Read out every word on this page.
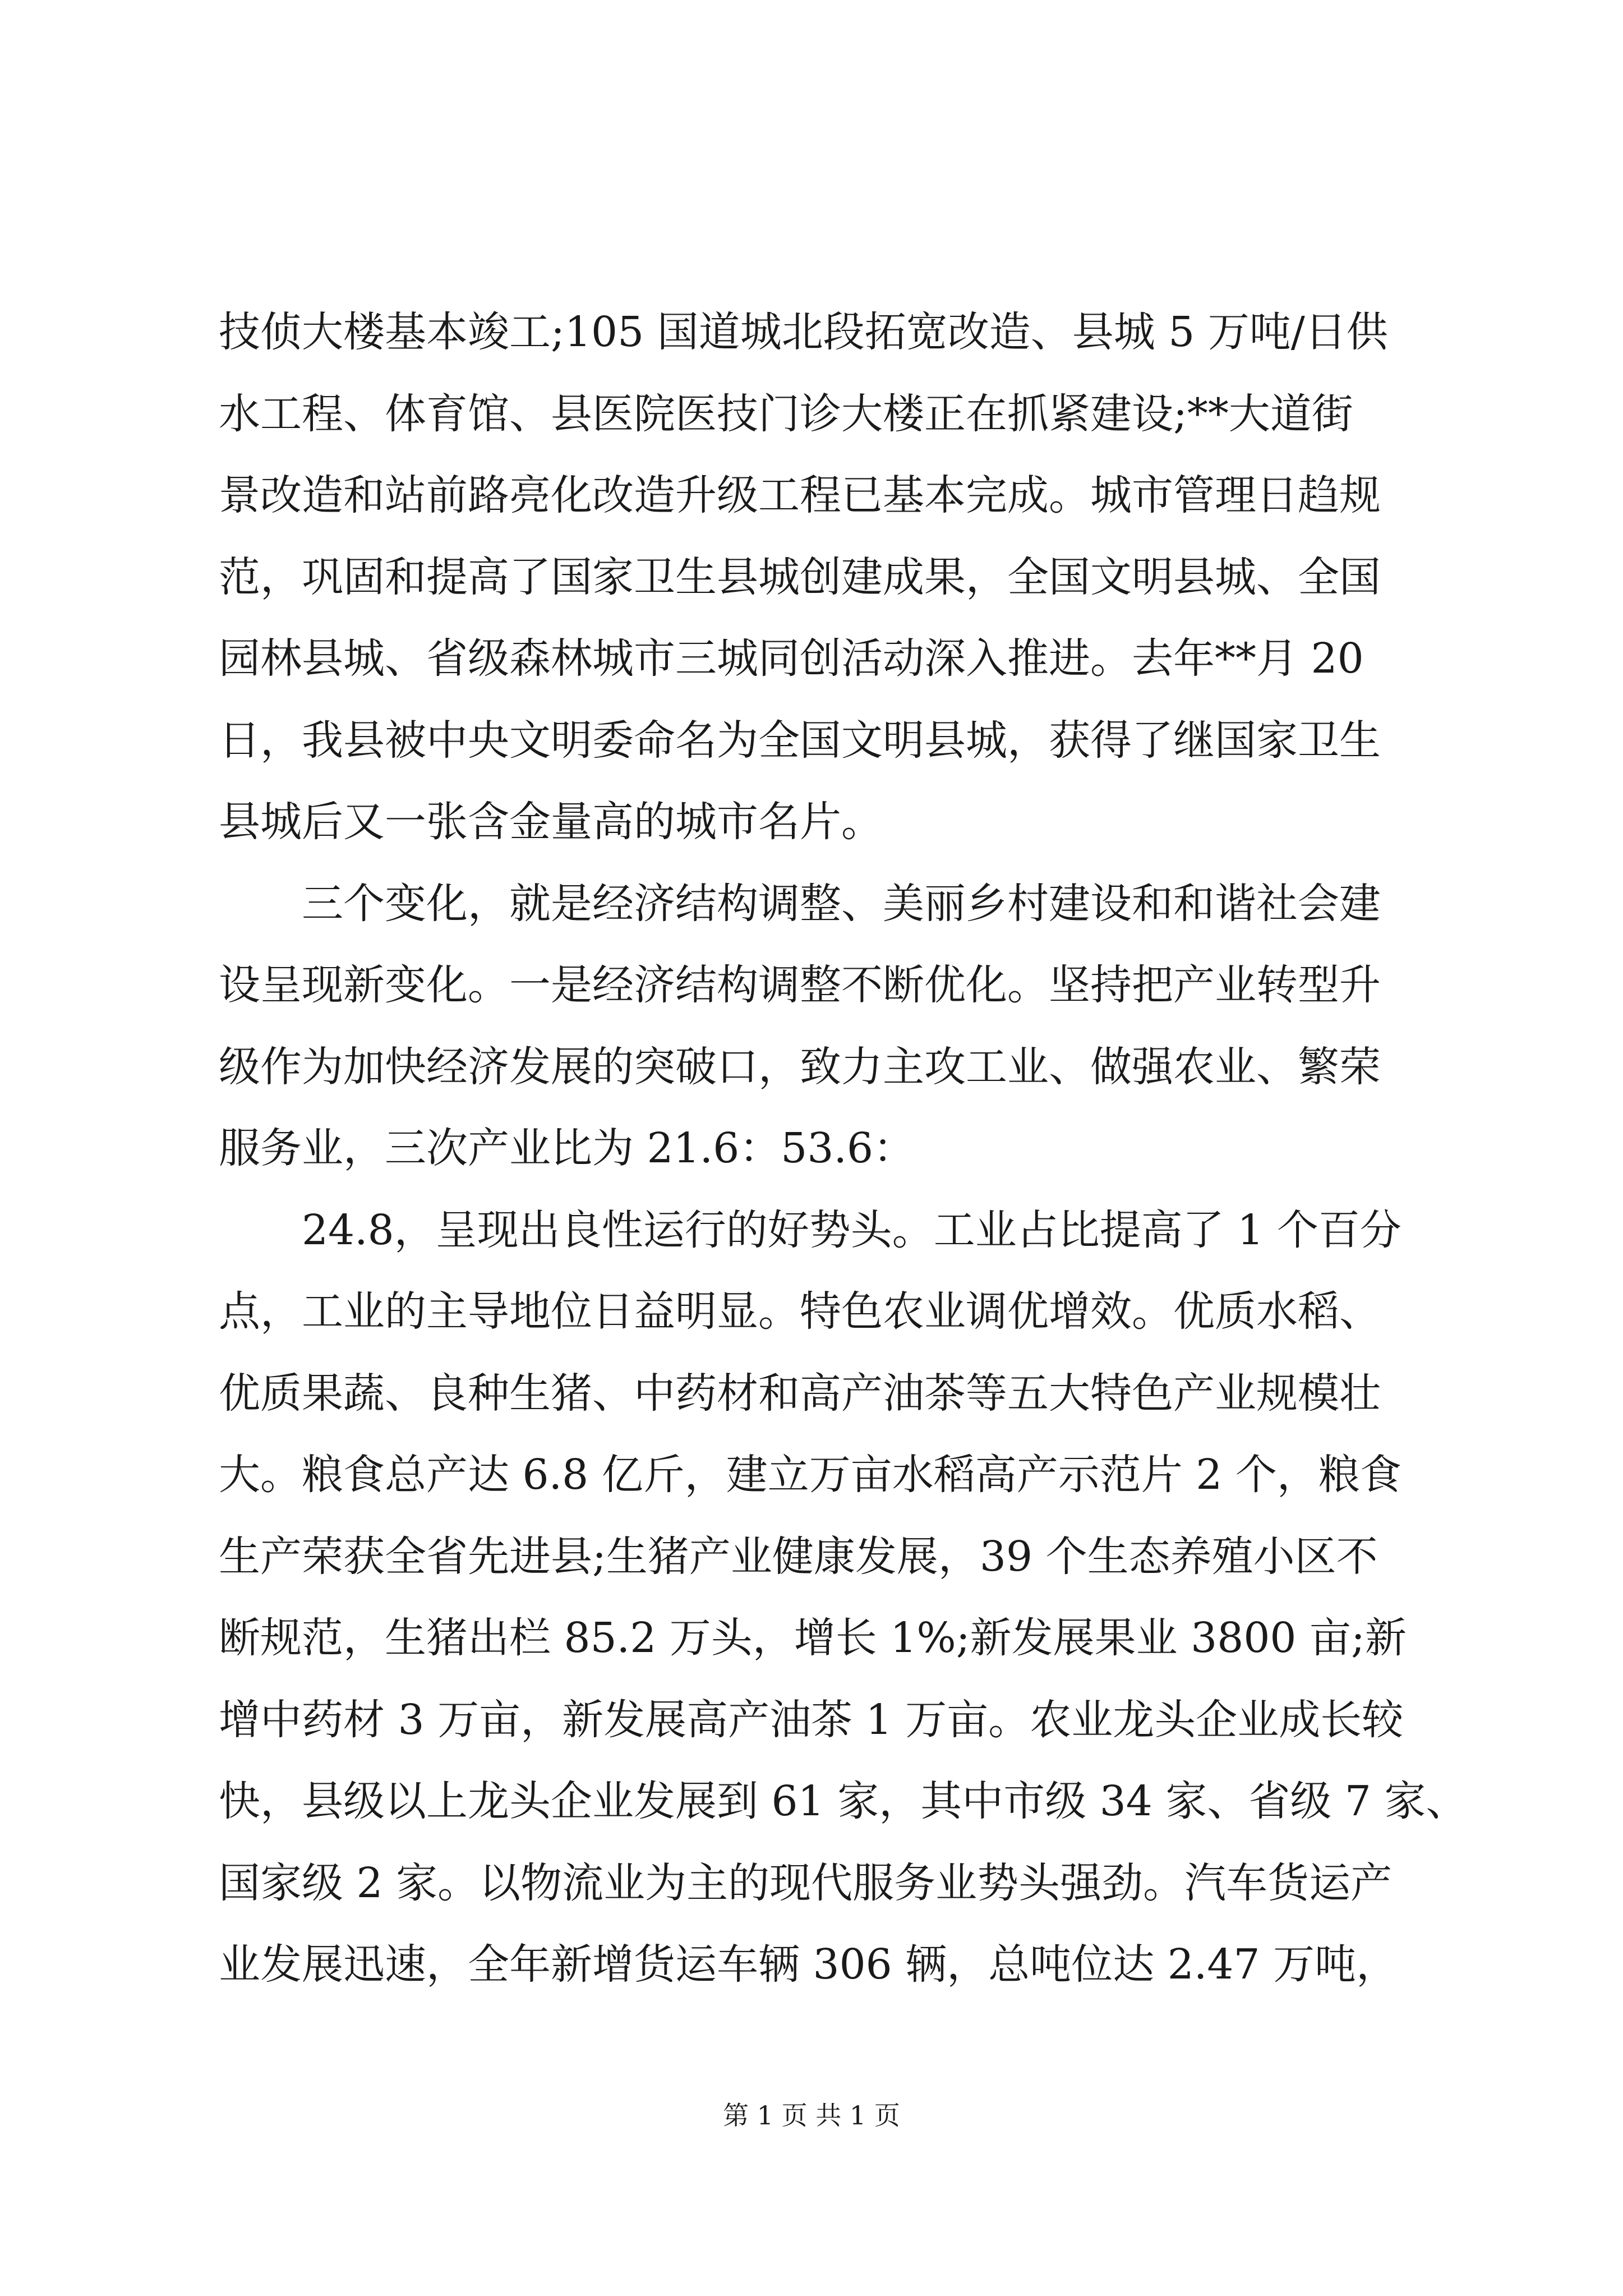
技侦大楼基本竣工;105 国道城北段拓宽改造、县城 5 万吨/日供
水工程、体育馆、县医院医技门诊大楼正在抓紧建设;**大道街
景改造和站前路亮化改造升级工程已基本完成。城市管理日趋规
范，巩固和提高了国家卫生县城创建成果，全国文明县城、全国
园林县城、省级森林城市三城同创活动深入推进。去年**月 20
日，我县被中央文明委命名为全国文明县城，获得了继国家卫生
县城后又一张含金量高的城市名片。
三个变化，就是经济结构调整、美丽乡村建设和和谐社会建
设呈现新变化。一是经济结构调整不断优化。坚持把产业转型升
级作为加快经济发展的突破口，致力主攻工业、做强农业、繁荣
服务业，三次产业比为 21.6：53.6：
24.8，呈现出良性运行的好势头。工业占比提高了 1 个百分
点，工业的主导地位日益明显。特色农业调优增效。优质水稻、
优质果蔬、良种生猪、中药材和高产油茶等五大特色产业规模壮
大。粮食总产达 6.8 亿斤，建立万亩水稻高产示范片 2 个，粮食
生产荣获全省先进县;生猪产业健康发展，39 个生态养殖小区不
断规范，生猪出栏 85.2 万头，增长 1%;新发展果业 3800 亩;新
增中药材 3 万亩，新发展高产油茶 1 万亩。农业龙头企业成长较
快，县级以上龙头企业发展到 61 家，其中市级 34 家、省级 7 家、
国家级 2 家。以物流业为主的现代服务业势头强劲。汽车货运产
业发展迅速，全年新增货运车辆 306 辆，总吨位达 2.47 万吨，
第 1 页 共 1 页
